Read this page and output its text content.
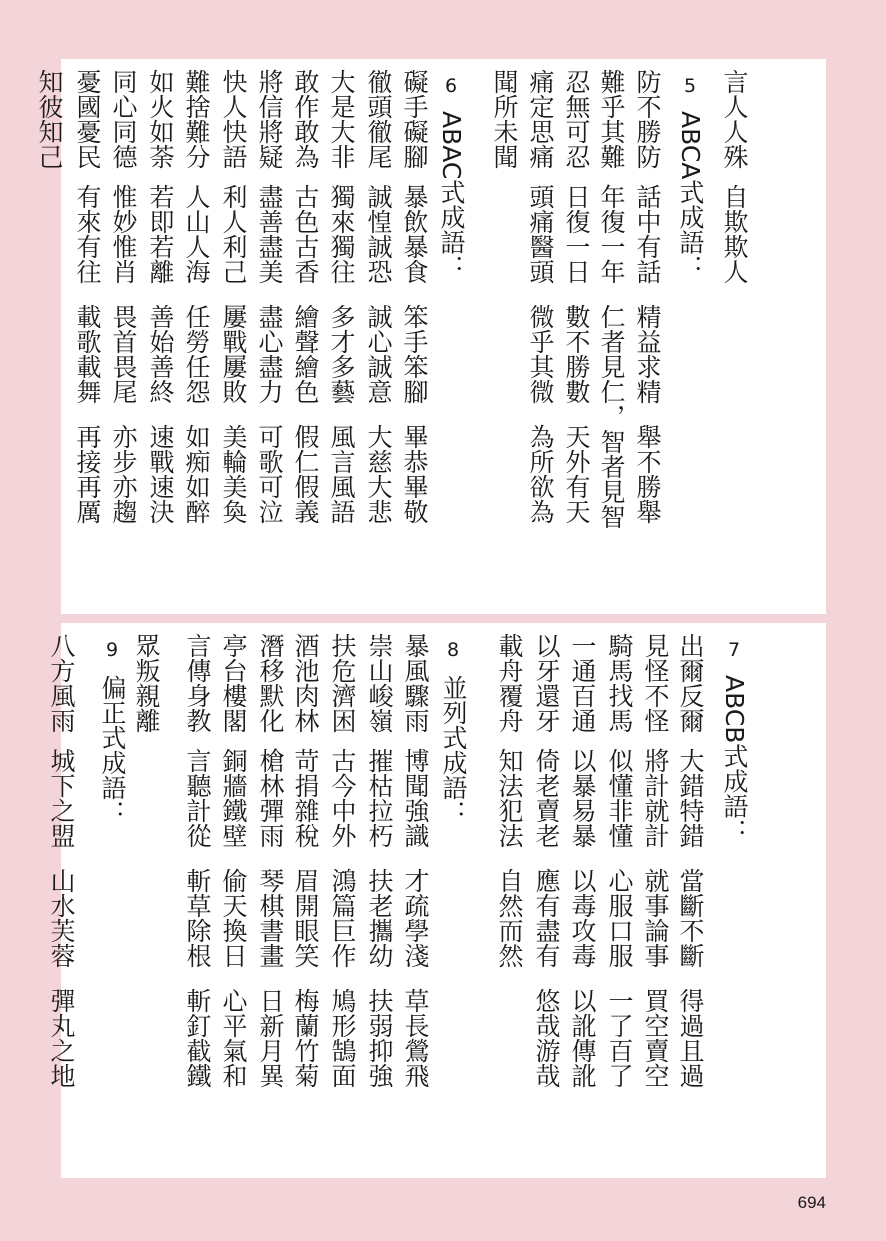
言人人殊
自欺欺人
5ABCA式成語：
防不勝防
話中有話
精益求精
舉不勝舉
難乎其難
年復一年
仁者見仁，智者見智
忍無可忍
日復一日
數不勝數
天外有天
痛定思痛
頭痛醫頭
微乎其微
為所欲為
聞所未聞
6ABAC式成語：
礙手礙腳
暴飲暴食
笨手笨腳
畢恭畢敬
徹頭徹尾
誠惶誠恐
誠心誠意
大慈大悲
大是大非
獨來獨往
多才多藝
風言風語
敢作敢為
古色古香
繪聲繪色
假仁假義
將信將疑
盡善盡美
盡心盡力
可歌可泣
快人快語
利人利己
屢戰屢敗
美輪美奐
難捨難分
人山人海
任勞任怨
如痴如醉
如火如荼
若即若離
善始善終
速戰速決
同心同德
惟妙惟肖
畏首畏尾
亦步亦趨
憂國憂民
有來有往
載歌載舞
再接再厲
知彼知己
7ABCB式成語：
出爾反爾
大錯特錯
當斷不斷
得過且過
見怪不怪
將計就計
就事論事
買空賣空
騎馬找馬
似懂非懂
心服口服
一了百了
一通百通
以暴易暴
以毒攻毒
以訛傳訛
以牙還牙
倚老賣老
應有盡有
悠哉游哉
載舟覆舟
知法犯法
自然而然
8並列式成語：
暴風驟雨
博聞強識
才疏學淺
草長鶯飛
崇山峻嶺
摧枯拉朽
扶老攜幼
扶弱抑強
扶危濟困
古今中外
鴻篇巨作
鳩形鵠面
酒池肉林
苛捐雜稅
眉開眼笑
梅蘭竹菊
潛移默化
槍林彈雨
琴棋書畫
日新月異
亭台樓閣
銅牆鐵壁
偷天換日
心平氣和
言傳身教
言聽計從
斬草除根
斬釘截鐵
眾叛親離
9偏正式成語：
八方風雨
城下之盟
山水芙蓉
彈丸之地
694
